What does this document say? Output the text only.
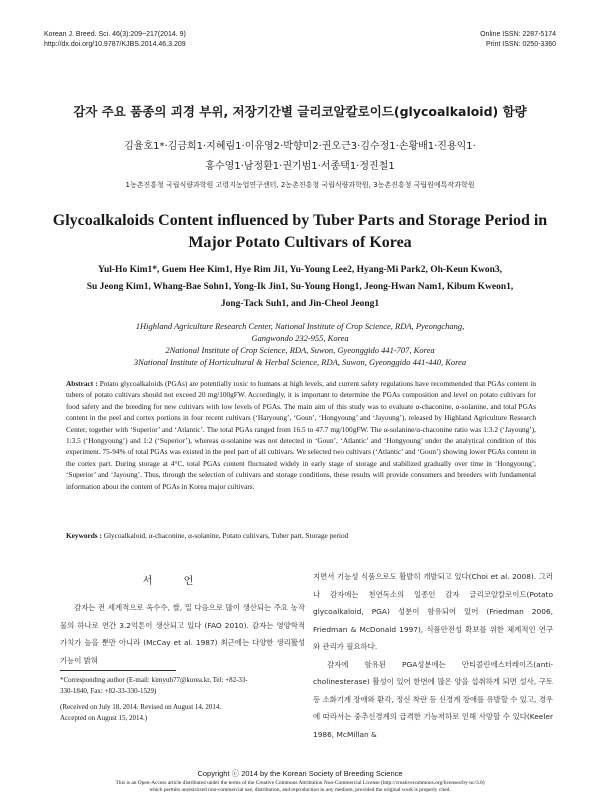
Korean J. Breed. Sci. 46(3):209~217(2014. 9)
http://dx.doi.org/10.9787/KJBS.2014.46.3.209
Online ISSN: 2287-5174
Print ISSN: 0250-3360
감자 주요 품종의 괴경 부위, 저장기간별 글리코알칼로이드(glycoalkaloid) 함량
김율호1*·김금희1·지혜림1·이유영2·박향미2·권오근3·김수정1·손황배1·진용익1·
홍수영1·남정환1·권기범1·서종택1·정진철1
1농촌진흥청 국립식량과학원 고령지농업연구센터, 2농촌진흥청 국립식량과학원, 3농촌진흥청 국립원예특작과학원
Glycoalkaloids Content influenced by Tuber Parts and Storage Period in Major Potato Cultivars of Korea
Yul-Ho Kim1*, Guem Hee Kim1, Hye Rim Ji1, Yu-Young Lee2, Hyang-Mi Park2, Oh-Keun Kwon3,
Su Jeong Kim1, Whang-Bae Sohn1, Yong-Ik Jin1, Su-Young Hong1, Jeong-Hwan Nam1, Kibum Kweon1,
Jong-Tack Suh1, and Jin-Cheol Jeong1
1Highland Agriculture Research Center, National Institute of Crop Science, RDA, Pyeongchang,
Gangwondo 232-955, Korea
2National Institute of Crop Science, RDA, Suwon, Gyeonggido 441-707, Korea
3National Institute of Horticultural & Herbal Science, RDA, Suwon, Gyeonggido 441-440, Korea
Abstract : Potato glycoalkaloids (PGAs) are potentially toxic to humans at high levels, and current safety regulations have recommended that PGAs content in tubers of potato cultivars should not exceed 20 mg/100gFW. Accordingly, it is important to determine the PGAs composition and level on potato cultivars for food safety and the breeding for new cultivars with low levels of PGAs. The main aim of this study was to evaluate α-chaconine, α-solanine, and total PGAs content in the peel and cortex portions in four recent cultivars (‘Haryoung’, ‘Goun’, ‘Hongyoung’ and ‘Jayoung’), released by Highland Agriculture Research Center, together with ‘Superior’ and ‘Atlantic’. The total PGAs ranged from 16.5 to 47.7 mg/100gFW. The α-solanine/α-chaconine ratio was 1:3.2 (‘Jayoung’), 1:3.5 (‘Hongyoung’) and 1:2 (‘Superior’), whereas α-solanine was not detected in ‘Goun’, ‘Atlantic’ and ‘Hongyoung’ under the analytical condition of this experiment. 75-94% of total PGAs was existed in the peel part of all cultivars. We selected two cultivars (‘Atlantic’ and ‘Goun’) showing lower PGAs content in the cortex part. During storage at 4°C, total PGAs content fluctuated widely in early stage of storage and stabilized gradually over time in ‘Hongyoung’, ‘Superior’ and ‘Jayoung’. Thus, through the selection of cultivars and storage conditions, these results will provide consumers and breeders with fundamental information about the content of PGAs in Korea major cultivars.
Keywords : Glycoalkaloid, α-chaconine, α-solanine, Potato cultivars, Tuber part, Storage period
서 언

감자는 전 세계적으로 옥수수, 쌀, 밀 다음으로 많이 생산되는 주요 농작물의 하나로 연간 3.2억톤이 생산되고 있다 (FAO 2010). 감자는 영양학적 가치가 높을 뿐만 아니라 (McCay et al. 1987) 최근에는 다양한 생리활성 기능이 밝혀

지면서 기능성 식품으로도 활발히 개발되고 있다(Choi et al. 2008). 그러나 감자에는 천연독소의 일종인 감자 글리코알칼로이드(Potato glycoalkaloid, PGA) 성분이 함유되어 있어 (Friedman 2006, Friedman & McDonald 1997), 식품안전성 확보를 위한 체계적인 연구와 관리가 필요하다.

감자에 함유된 PGA성분에는 안티콜린에스터레이즈(anti-cholinesterase) 활성이 있어 한번에 많은 양을 섭취하게 되면 설사, 구토 등 소화기계 장애와 환각, 정신 착란 등 신경계 장애를 유발할 수 있고, 경우에 따라서는 중추신경계의 급격한 기능저하로 인해 사망할 수 있다(Keeler 1986, McMillan &

*Corresponding author (E-mail: kimyuh77@korea.kr, Tel: +82-33-
330-1840, Fax: +82-33-330-1529)
(Received on July 18, 2014. Revised on August 14, 2014.
Accepted on August 15, 2014.)
Copyright ⓒ 2014 by the Korean Society of Breeding Science
This is an Open-Access article distributed under the terms of the Creative Commons Attribution Non-Commercial License (http://creativecommons.org/licenses/by-nc/3.0)
which permits unrestricted non-commercial use, distribution, and reproduction in any medium, provided the original work is properly cited.
